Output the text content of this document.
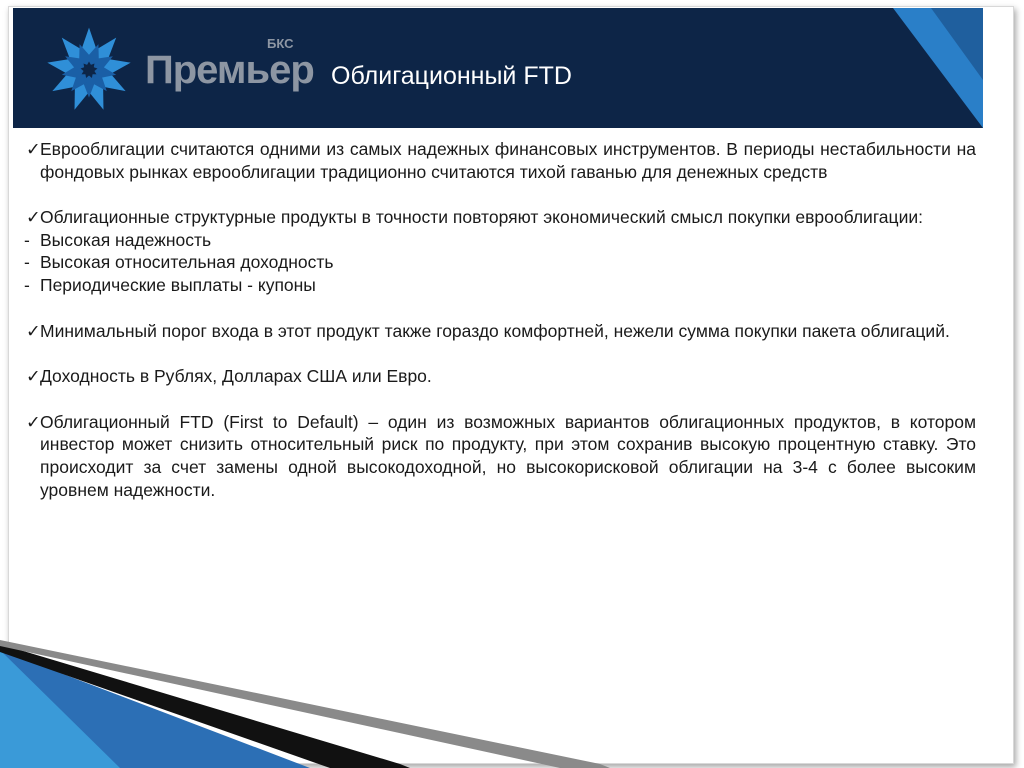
Премьер
БКС
Облигационный FTD
✓ Еврооблигации считаются одними из самых надежных финансовых инструментов. В периоды нестабильности на фондовых рынках еврооблигации традиционно считаются тихой гаванью для денежных средств
✓ Облигационные структурные продукты в точности повторяют экономический смысл покупки еврооблигации:
- Высокая надежность
- Высокая относительная доходность
- Периодические выплаты - купоны
✓ Минимальный порог входа в этот продукт также гораздо комфортней, нежели сумма покупки пакета облигаций.
✓ Доходность в Рублях, Долларах США или Евро.
✓ Облигационный FTD (First to Default) – один из возможных вариантов облигационных продуктов, в котором инвестор может снизить относительный риск по продукту, при этом сохранив высокую процентную ставку. Это происходит за счет замены одной высокодоходной, но высокорисковой облигации на 3-4 с более высоким уровнем надежности.
